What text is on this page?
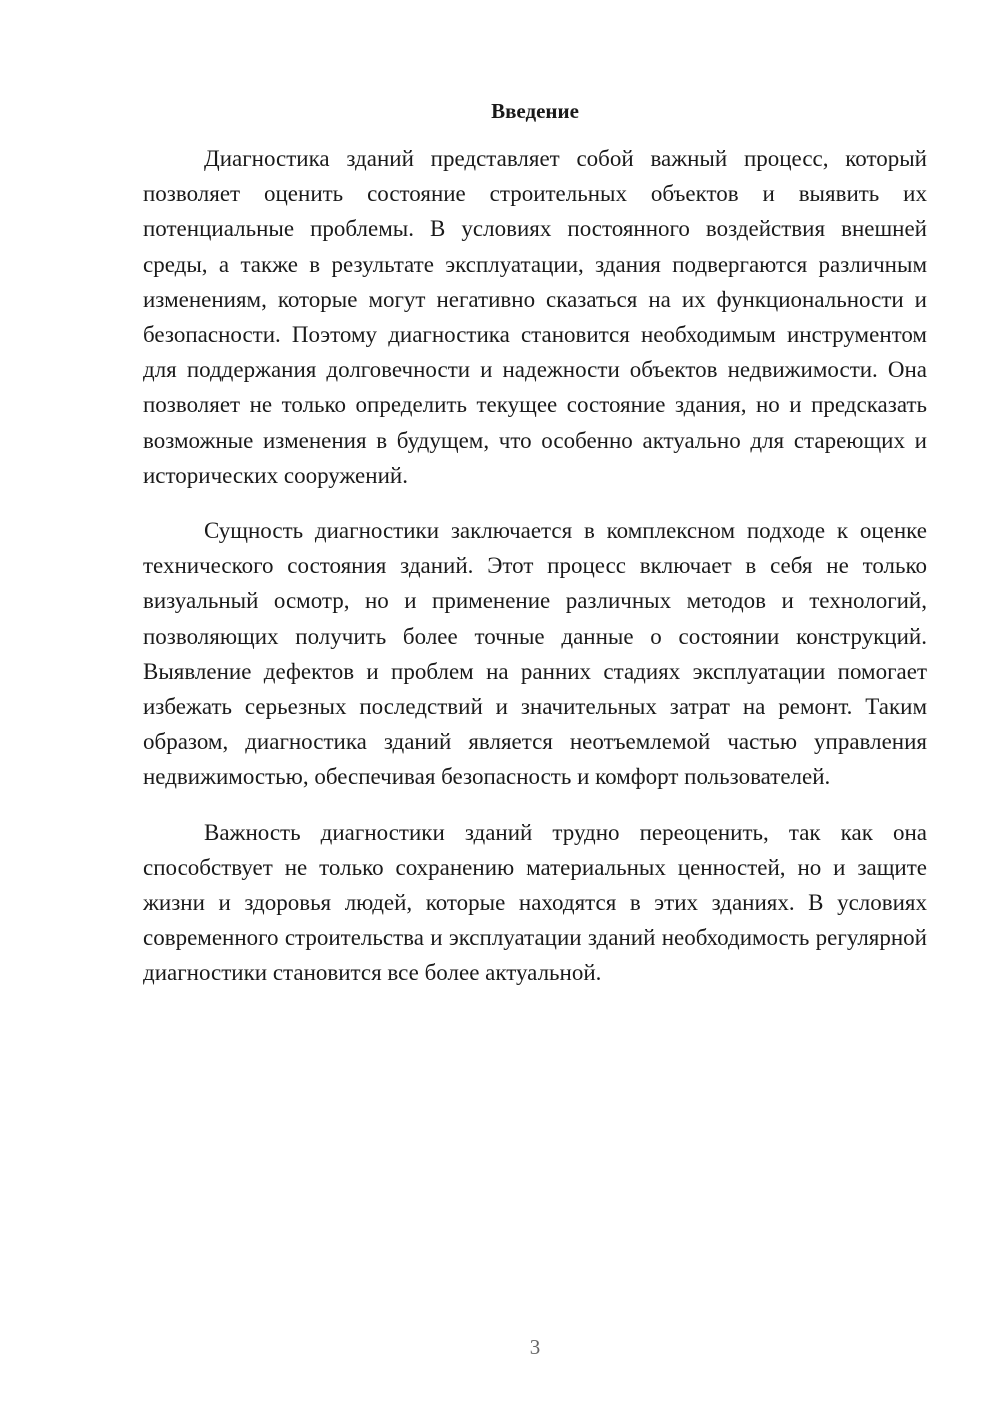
Введение

Диагностика зданий представляет собой важный процесс, который позволяет оценить состояние строительных объектов и выявить их потенциальные проблемы. В условиях постоянного воздействия внешней среды, а также в результате эксплуатации, здания подвергаются различным изменениям, которые могут негативно сказаться на их функциональности и безопасности. Поэтому диагностика становится необходимым инструментом для поддержания долговечности и надежности объектов недвижимости. Она позволяет не только определить текущее состояние здания, но и предсказать возможные изменения в будущем, что особенно актуально для стареющих и исторических сооружений.

Сущность диагностики заключается в комплексном подходе к оценке технического состояния зданий. Этот процесс включает в себя не только визуальный осмотр, но и применение различных методов и технологий, позволяющих получить более точные данные о состоянии конструкций. Выявление дефектов и проблем на ранних стадиях эксплуатации помогает избежать серьезных последствий и значительных затрат на ремонт. Таким образом, диагностика зданий является неотъемлемой частью управления недвижимостью, обеспечивая безопасность и комфорт пользователей.

Важность диагностики зданий трудно переоценить, так как она способствует не только сохранению материальных ценностей, но и защите жизни и здоровья людей, которые находятся в этих зданиях. В условиях современного строительства и эксплуатации зданий необходимость регулярной диагностики становится все более актуальной.

3
